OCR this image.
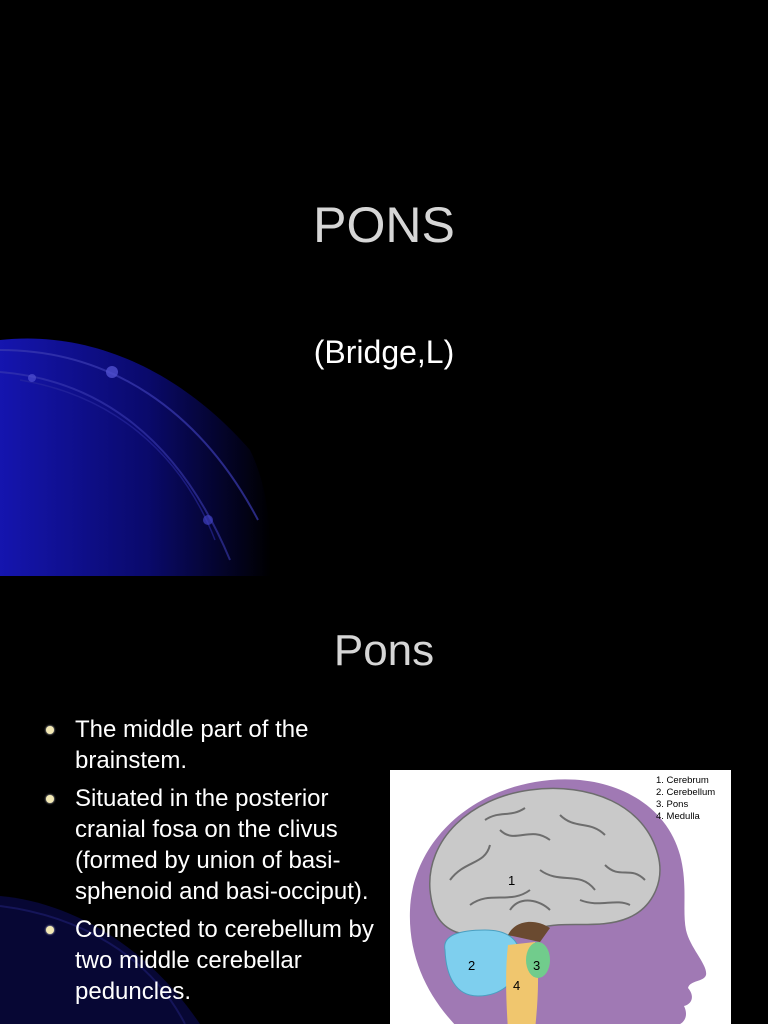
PONS
(Bridge,L)
Pons
The middle part of the brainstem.
Situated in the posterior cranial fosa on the clivus (formed by union of basi-sphenoid and basi-occiput).
Connected to cerebellum by two middle cerebellar peduncles.
1
2	3
4
1. Cerebrum
2. Cerebellum
3. Pons
4. Medulla
